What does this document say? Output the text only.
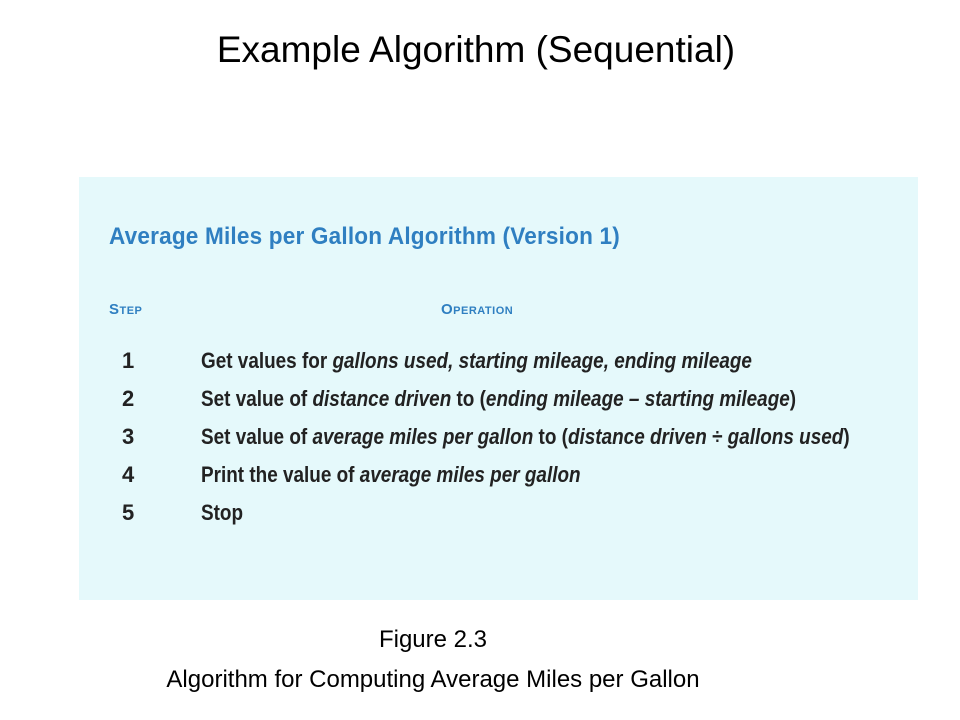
Example Algorithm (Sequential)
Average Miles per Gallon Algorithm (Version 1)
Step	Operation
1	Get values for gallons used, starting mileage, ending mileage
2	Set value of distance driven to (ending mileage – starting mileage)
3	Set value of average miles per gallon to (distance driven ÷ gallons used)
4	Print the value of average miles per gallon
5	Stop
Figure 2.3
Algorithm for Computing Average Miles per Gallon
